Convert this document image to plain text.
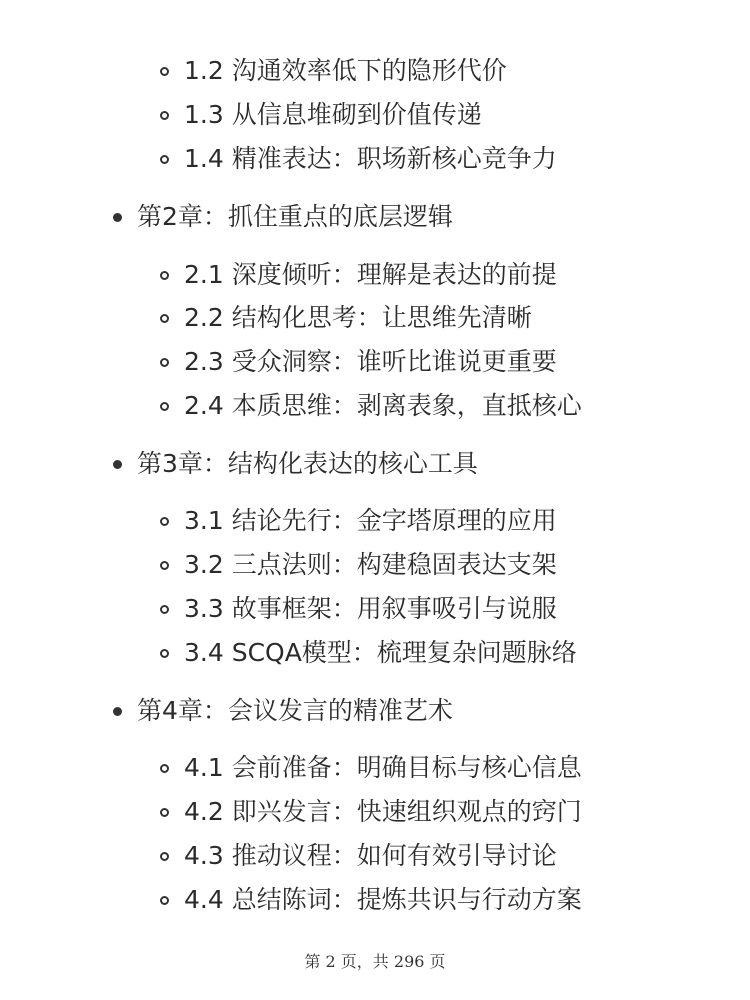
1.2 沟通效率低下的隐形代价
1.3 从信息堆砌到价值传递
1.4 精准表达：职场新核心竞争力
第2章：抓住重点的底层逻辑
2.1 深度倾听：理解是表达的前提
2.2 结构化思考：让思维先清晰
2.3 受众洞察：谁听比谁说更重要
2.4 本质思维：剥离表象，直抵核心
第3章：结构化表达的核心工具
3.1 结论先行：金字塔原理的应用
3.2 三点法则：构建稳固表达支架
3.3 故事框架：用叙事吸引与说服
3.4 SCQA模型：梳理复杂问题脉络
第4章：会议发言的精准艺术
4.1 会前准备：明确目标与核心信息
4.2 即兴发言：快速组织观点的窍门
4.3 推动议程：如何有效引导讨论
4.4 总结陈词：提炼共识与行动方案
第 2 页，共 296 页
